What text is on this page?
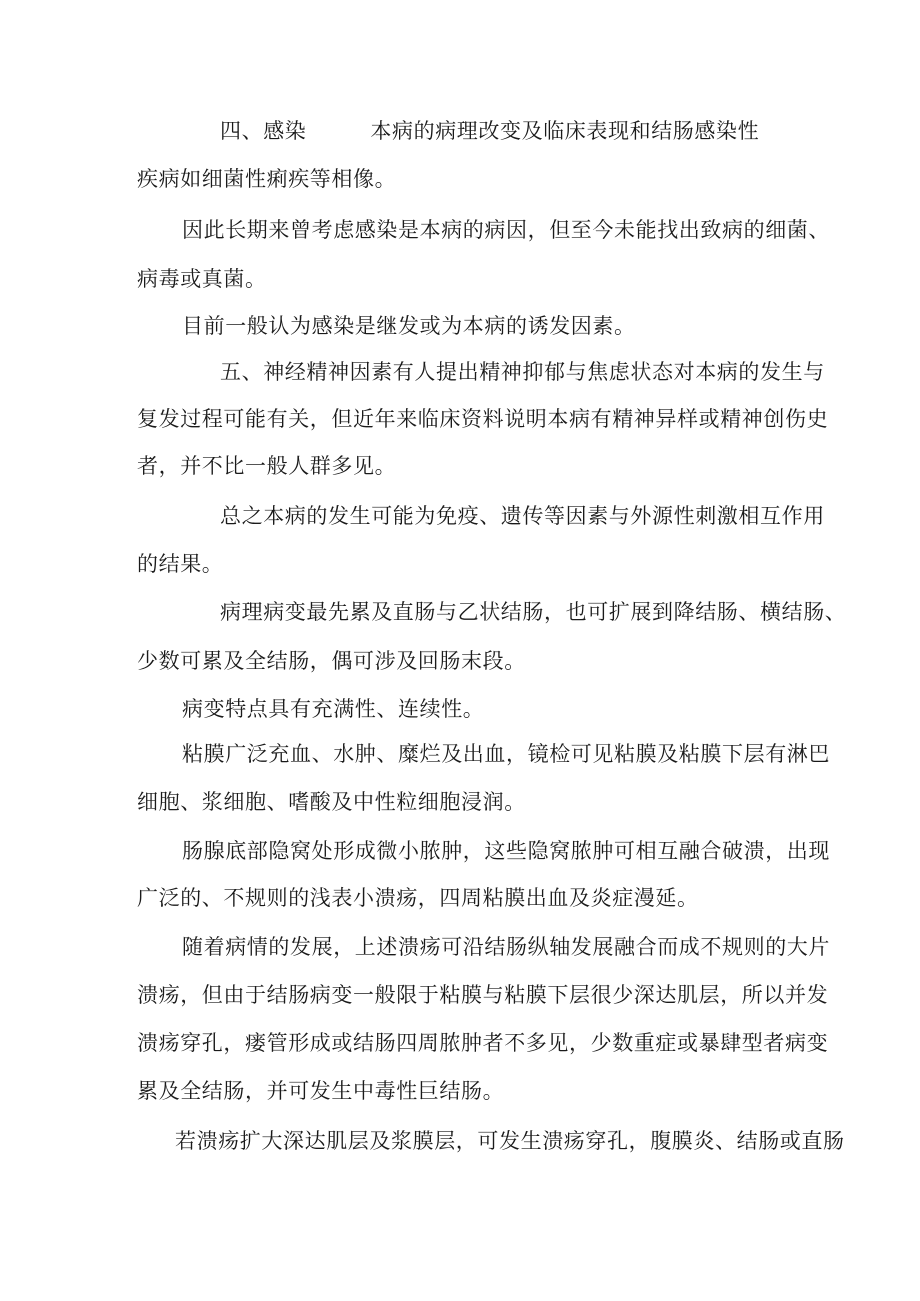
四、感染	本病的病理改变及临床表现和结肠感染性
疾病如细菌性痢疾等相像。
因此长期来曾考虑感染是本病的病因，但至今未能找出致病的细菌、
病毒或真菌。
目前一般认为感染是继发或为本病的诱发因素。
五、神经精神因素有人提出精神抑郁与焦虑状态对本病的发生与
复发过程可能有关，但近年来临床资料说明本病有精神异样或精神创伤史
者，并不比一般人群多见。
总之本病的发生可能为免疫、遗传等因素与外源性刺激相互作用
的结果。
病理病变最先累及直肠与乙状结肠，也可扩展到降结肠、横结肠、
少数可累及全结肠，偶可涉及回肠末段。
病变特点具有充满性、连续性。
粘膜广泛充血、水肿、糜烂及出血，镜检可见粘膜及粘膜下层有淋巴
细胞、浆细胞、嗜酸及中性粒细胞浸润。
肠腺底部隐窝处形成微小脓肿，这些隐窝脓肿可相互融合破溃，出现
广泛的、不规则的浅表小溃疡，四周粘膜出血及炎症漫延。
随着病情的发展，上述溃疡可沿结肠纵轴发展融合而成不规则的大片
溃疡，但由于结肠病变一般限于粘膜与粘膜下层很少深达肌层，所以并发
溃疡穿孔，瘘管形成或结肠四周脓肿者不多见，少数重症或暴肆型者病变
累及全结肠，并可发生中毒性巨结肠。
若溃疡扩大深达肌层及浆膜层，可发生溃疡穿孔，腹膜炎、结肠或直肠
